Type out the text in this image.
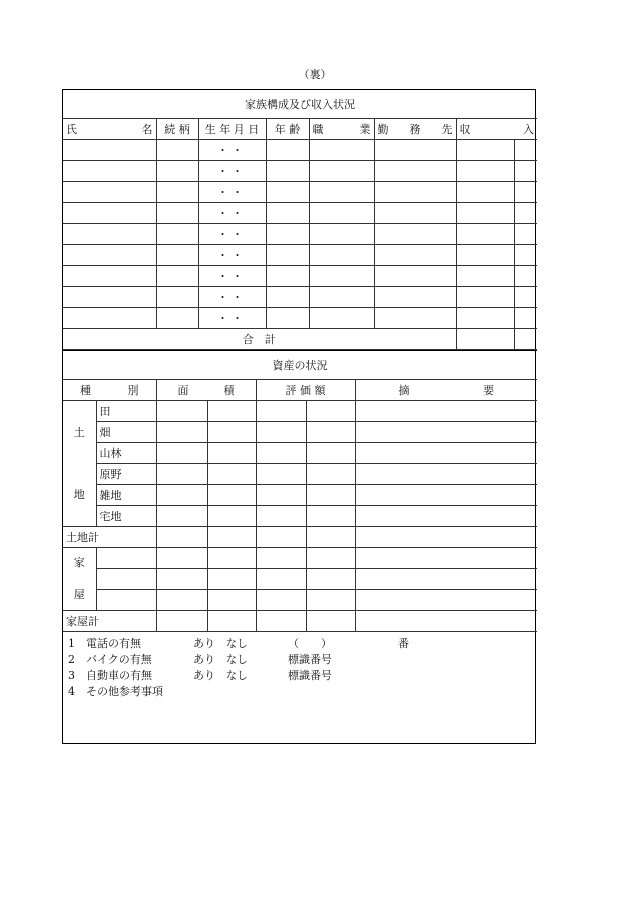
（裏）
家族構成及び収入状況							

氏 名	続 柄	生 年 月 日	年 齢	職 業	勤 務 先	収 入	

		・・					
		・・					
		・・					
		・・					
		・・					
		・・					
		・・					
		・・					
		・・					
合　計							
資産の状況						

種 別		面 積		評 価 額		摘 要

土
地	田					
	畑					
	山林					
	原野					
	雑地					
	宅地					
土地計						

家
屋						

家屋計						
1　 電話の有無	あり　 なし	（　　）	番
2　 バイクの有無	あり　 なし	標識番号
3　 自動車の有無	あり　 なし	標識番号
4　 その他参考事項
